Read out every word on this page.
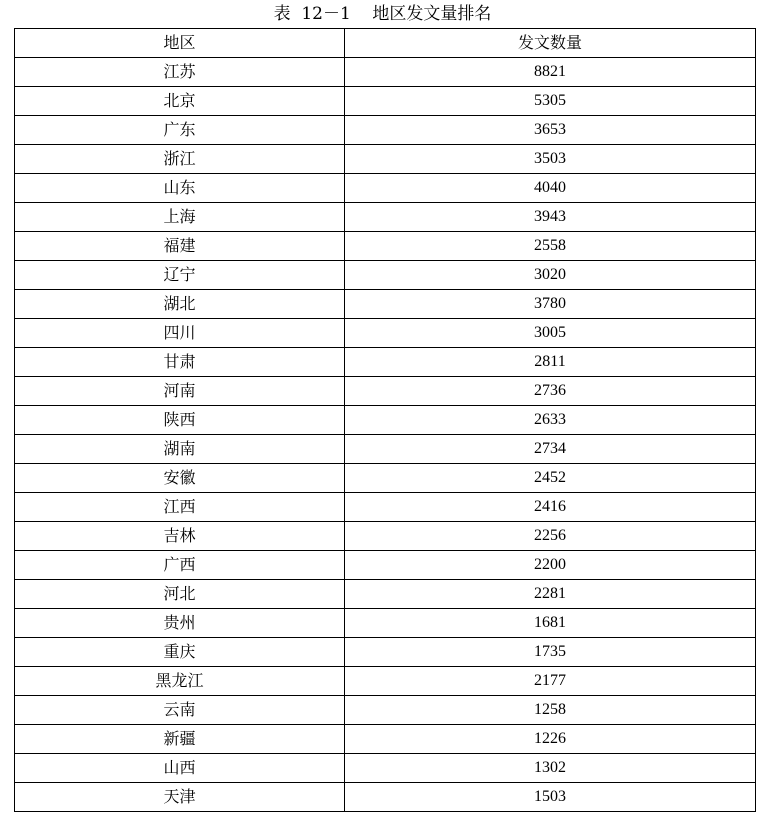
表  12－1    地区发文量排名
地区	发文数量
江苏	8821
北京	5305
广东	3653
浙江	3503
山东	4040
上海	3943
福建	2558
辽宁	3020
湖北	3780
四川	3005
甘肃	2811
河南	2736
陕西	2633
湖南	2734
安徽	2452
江西	2416
吉林	2256
广西	2200
河北	2281
贵州	1681
重庆	1735
黑龙江	2177
云南	1258
新疆	1226
山西	1302
天津	1503
